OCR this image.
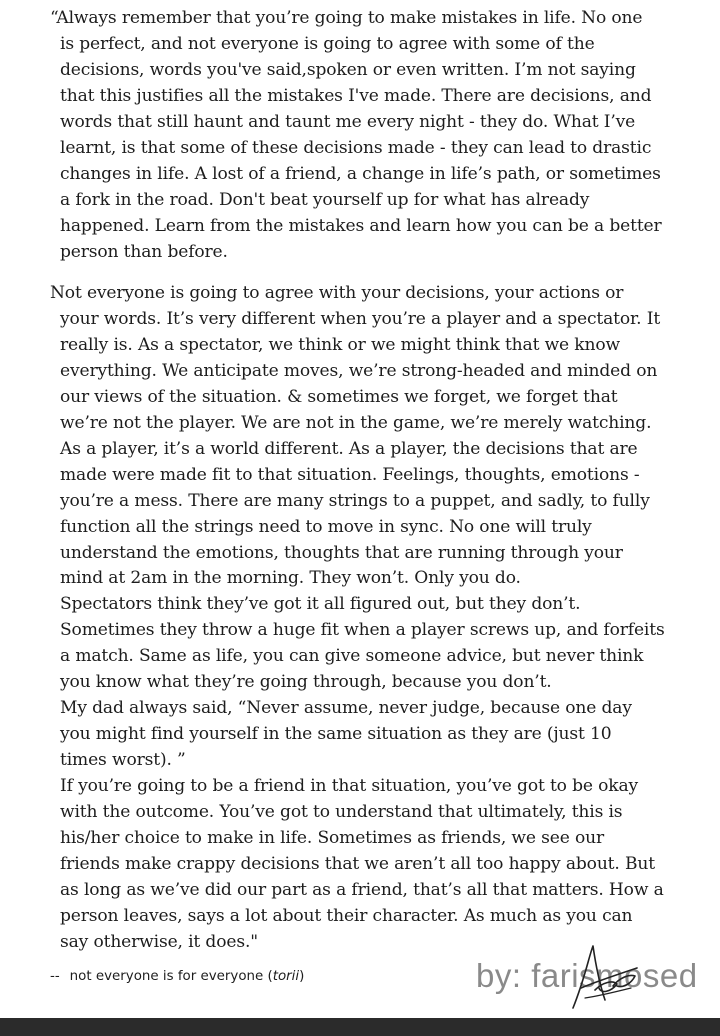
“Always remember that you’re going to make mistakes in life. No one
is perfect, and not everyone is going to agree with some of the
decisions, words you've said,spoken or even written. I’m not saying
that this justifies all the mistakes I've made. There are decisions, and
words that still haunt and taunt me every night - they do. What I’ve
learnt, is that some of these decisions made - they can lead to drastic
changes in life. A lost of a friend, a change in life’s path, or sometimes
a fork in the road. Don't beat yourself up for what has already
happened. Learn from the mistakes and learn how you can be a better
person than before.
Not everyone is going to agree with your decisions, your actions or
your words. It’s very different when you’re a player and a spectator. It
really is. As a spectator, we think or we might think that we know
everything. We anticipate moves, we’re strong-headed and minded on
our views of the situation. & sometimes we forget, we forget that
we’re not the player. We are not in the game, we’re merely watching.
As a player, it’s a world different. As a player, the decisions that are
made were made fit to that situation. Feelings, thoughts, emotions -
you’re a mess. There are many strings to a puppet, and sadly, to fully
function all the strings need to move in sync. No one will truly
understand the emotions, thoughts that are running through your
mind at 2am in the morning. They won’t. Only you do.
Spectators think they’ve got it all figured out, but they don’t.
Sometimes they throw a huge fit when a player screws up, and forfeits
a match. Same as life, you can give someone advice, but never think
you know what they’re going through, because you don’t.
My dad always said, “Never assume, never judge, because one day
you might find yourself in the same situation as they are (just 10
times worst). ”
If you’re going to be a friend in that situation, you’ve got to be okay
with the outcome. You’ve got to understand that ultimately, this is
his/her choice to make in life. Sometimes as friends, we see our
friends make crappy decisions that we aren’t all too happy about. But
as long as we’ve did our part as a friend, that’s all that matters. How a
person leaves, says a lot about their character. As much as you can
say otherwise, it does."
-- not everyone is for everyone (torii)	by: farismosed
